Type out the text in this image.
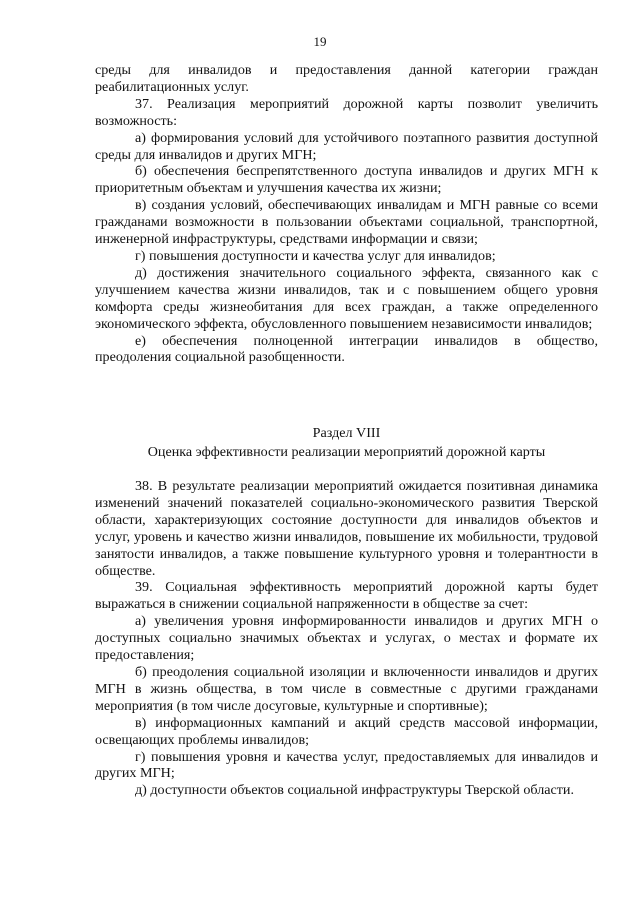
19

среды для инвалидов и предоставления данной категории граждан реабилитационных услуг.

37. Реализация мероприятий дорожной карты позволит увеличить возможность:

а) формирования условий для устойчивого поэтапного развития доступной среды для инвалидов и других МГН;

б) обеспечения беспрепятственного доступа инвалидов и других МГН к приоритетным объектам и улучшения качества их жизни;

в) создания условий, обеспечивающих инвалидам и МГН равные со всеми гражданами возможности в пользовании объектами социальной, транспортной, инженерной инфраструктуры, средствами информации и связи;

г) повышения доступности и качества услуг для инвалидов;

д) достижения значительного социального эффекта, связанного как с улучшением качества жизни инвалидов, так и с повышением общего уровня комфорта среды жизнеобитания для всех граждан, а также определенного экономического эффекта, обусловленного повышением независимости инвалидов;

е) обеспечения полноценной интеграции инвалидов в общество, преодоления социальной разобщенности.

Раздел VIII

Оценка эффективности реализации мероприятий дорожной карты

38. В результате реализации мероприятий ожидается позитивная динамика изменений значений показателей социально-экономического развития Тверской области, характеризующих состояние доступности для инвалидов объектов и услуг, уровень и качество жизни инвалидов, повышение их мобильности, трудовой занятости инвалидов, а также повышение культурного уровня и толерантности в обществе.

39. Социальная эффективность мероприятий дорожной карты будет выражаться в снижении социальной напряженности в обществе за счет:

а) увеличения уровня информированности инвалидов и других МГН о доступных социально значимых объектах и услугах, о местах и формате их предоставления;

б) преодоления социальной изоляции и включенности инвалидов и других МГН в жизнь общества, в том числе в совместные с другими гражданами мероприятия (в том числе досуговые, культурные и спортивные);

в) информационных кампаний и акций средств массовой информации, освещающих проблемы инвалидов;

г) повышения уровня и качества услуг, предоставляемых для инвалидов и других МГН;

д) доступности объектов социальной инфраструктуры Тверской области.
